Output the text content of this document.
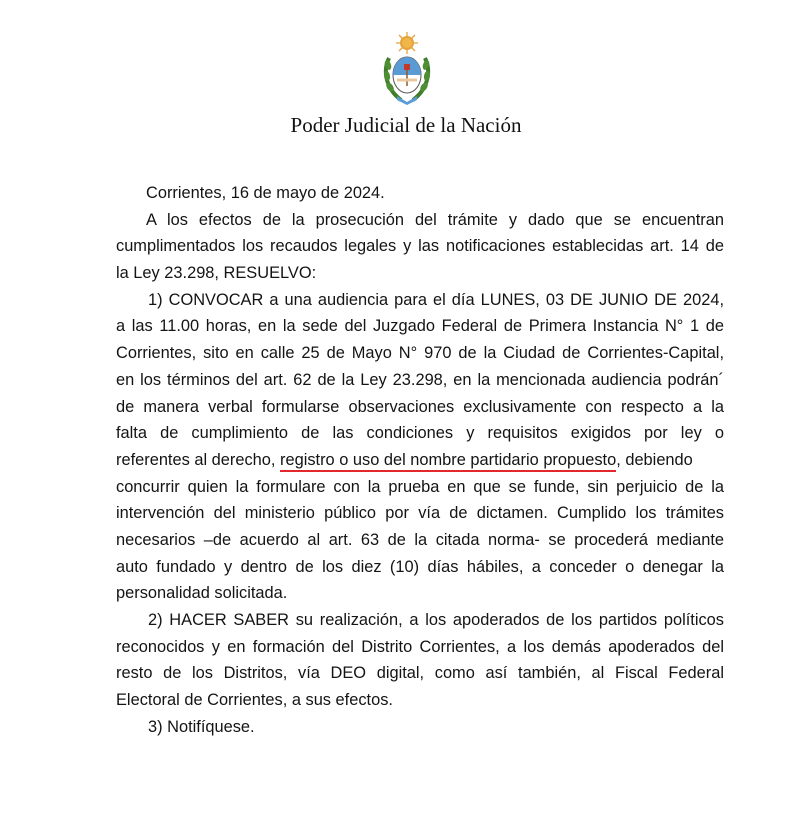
Poder Judicial de la Nación
Corrientes, 16 de mayo de 2024.
A los efectos de la prosecución del trámite y dado que se encuentran
cumplimentados los recaudos legales y las notificaciones establecidas art. 14 de
la Ley 23.298, RESUELVO:
1) CONVOCAR a una audiencia para el día LUNES, 03 DE JUNIO DE 2024,
a las 11.00 horas, en la sede del Juzgado Federal de Primera Instancia N° 1 de
Corrientes, sito en calle 25 de Mayo N° 970 de la Ciudad de Corrientes-Capital,
en los términos del art. 62 de la Ley 23.298, en la mencionada audiencia podrán´
de manera verbal formularse observaciones exclusivamente con respecto a la
falta de cumplimiento de las condiciones y requisitos exigidos por ley o
referentes al derecho, registro o uso del nombre partidario propuesto, debiendo
concurrir quien la formulare con la prueba en que se funde, sin perjuicio de la
intervención del ministerio público por vía de dictamen. Cumplido los trámites
necesarios –de acuerdo al art. 63 de la citada norma- se procederá mediante
auto fundado y dentro de los diez (10) días hábiles, a conceder o denegar la
personalidad solicitada.
2) HACER SABER su realización, a los apoderados de los partidos políticos
reconocidos y en formación del Distrito Corrientes, a los demás apoderados del
resto de los Distritos, vía DEO digital, como así también, al Fiscal Federal
Electoral de Corrientes, a sus efectos.
3) Notifíquese.
